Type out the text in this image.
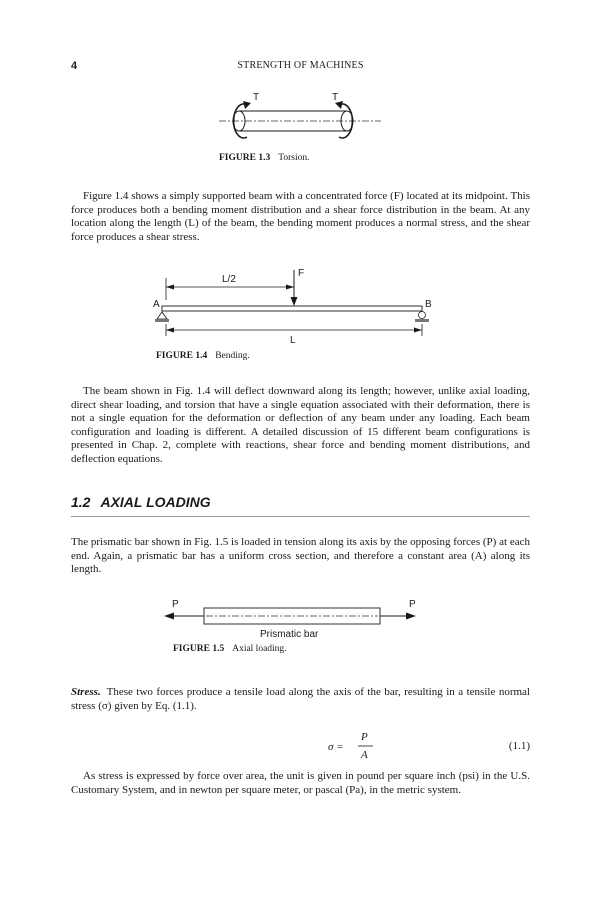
4	STRENGTH OF MACHINES
T	T
FIGURE 1.3 Torsion.

Figure 1.4 shows a simply supported beam with a concentrated force (F) located at its midpoint. This force produces both a bending moment distribution and a shear force distribution in the beam. At any location along the length (L) of the beam, the bending moment produces a normal stress, and the shear force produces a shear stress.

L/2
F
A	B
L
FIGURE 1.4 Bending.

The beam shown in Fig. 1.4 will deflect downward along its length; however, unlike axial loading, direct shear loading, and torsion that have a single equation associated with their deformation, there is not a single equation for the deformation or deflection of any beam under any loading. Each beam configuration and loading is different. A detailed discussion of 15 different beam configurations is presented in Chap. 2, complete with reactions, shear force and bending moment distributions, and deflection equations.

1.2 AXIAL LOADING

The prismatic bar shown in Fig. 1.5 is loaded in tension along its axis by the opposing forces (P) at each end. Again, a prismatic bar has a uniform cross section, and therefore a constant area (A) along its length.

P	P
Prismatic bar
FIGURE 1.5 Axial loading.

Stress. These two forces produce a tensile load along the axis of the bar, resulting in a tensile normal stress (σ) given by Eq. (1.1).

σ =
P
A
(1.1)

As stress is expressed by force over area, the unit is given in pound per square inch (psi) in the U.S. Customary System, and in newton per square meter, or pascal (Pa), in the metric system.
